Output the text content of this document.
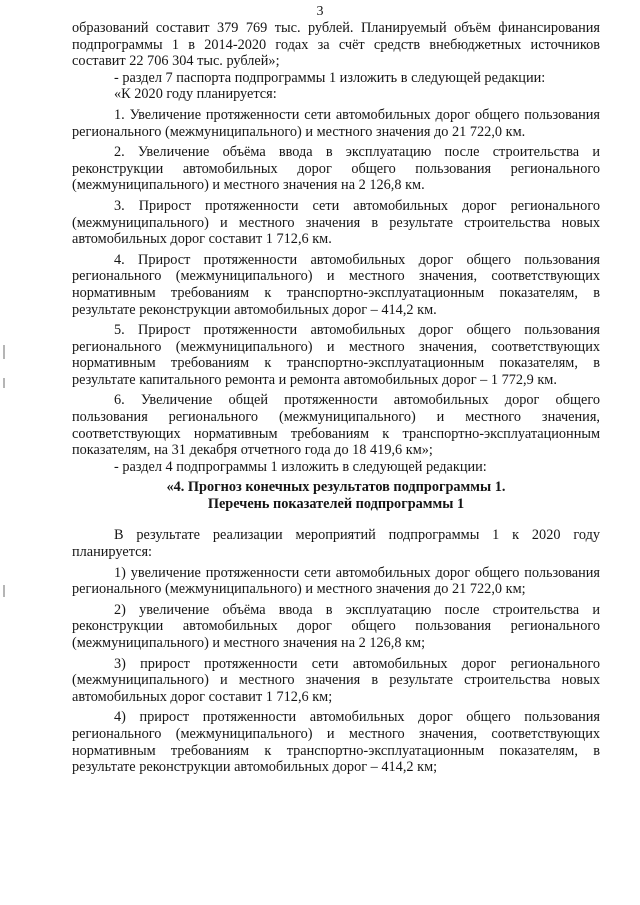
3

образований составит 379 769 тыс. рублей. Планируемый объём финансирования подпрограммы 1 в 2014-2020 годах за счёт средств внебюджетных источников составит 22 706 304 тыс. рублей»;

- раздел 7 паспорта подпрограммы 1 изложить в следующей редакции:

«К 2020 году планируется:

1. Увеличение протяженности сети автомобильных дорог общего пользования регионального (межмуниципального) и местного значения до 21 722,0 км.

2. Увеличение объёма ввода в эксплуатацию после строительства и реконструкции автомобильных дорог общего пользования регионального (межмуниципального) и местного значения на 2 126,8 км.

3. Прирост протяженности сети автомобильных дорог регионального (межмуниципального) и местного значения в результате строительства новых автомобильных дорог составит 1 712,6 км.

4. Прирост протяженности автомобильных дорог общего пользования регионального (межмуниципального) и местного значения, соответствующих нормативным требованиям к транспортно-эксплуатационным показателям, в результате реконструкции автомобильных дорог – 414,2 км.

5. Прирост протяженности автомобильных дорог общего пользования регионального (межмуниципального) и местного значения, соответствующих нормативным требованиям к транспортно-эксплуатационным показателям, в результате капитального ремонта и ремонта автомобильных дорог – 1 772,9 км.

6. Увеличение общей протяженности автомобильных дорог общего пользования регионального (межмуниципального) и местного значения, соответствующих нормативным требованиям к транспортно-эксплуатационным показателям, на 31 декабря отчетного года до 18 419,6 км»;

- раздел 4 подпрограммы 1 изложить в следующей редакции:

«4. Прогноз конечных результатов подпрограммы 1.

Перечень показателей подпрограммы 1

В результате реализации мероприятий подпрограммы 1 к 2020 году планируется:

1) увеличение протяженности сети автомобильных дорог общего пользования регионального (межмуниципального) и местного значения до 21 722,0 км;

2) увеличение объёма ввода в эксплуатацию после строительства и реконструкции автомобильных дорог общего пользования регионального (межмуниципального) и местного значения на 2 126,8 км;

3) прирост протяженности сети автомобильных дорог регионального (межмуниципального) и местного значения в результате строительства новых автомобильных дорог составит 1 712,6 км;

4) прирост протяженности автомобильных дорог общего пользования регионального (межмуниципального) и местного значения, соответствующих нормативным требованиям к транспортно-эксплуатационным показателям, в результате реконструкции автомобильных дорог – 414,2 км;
